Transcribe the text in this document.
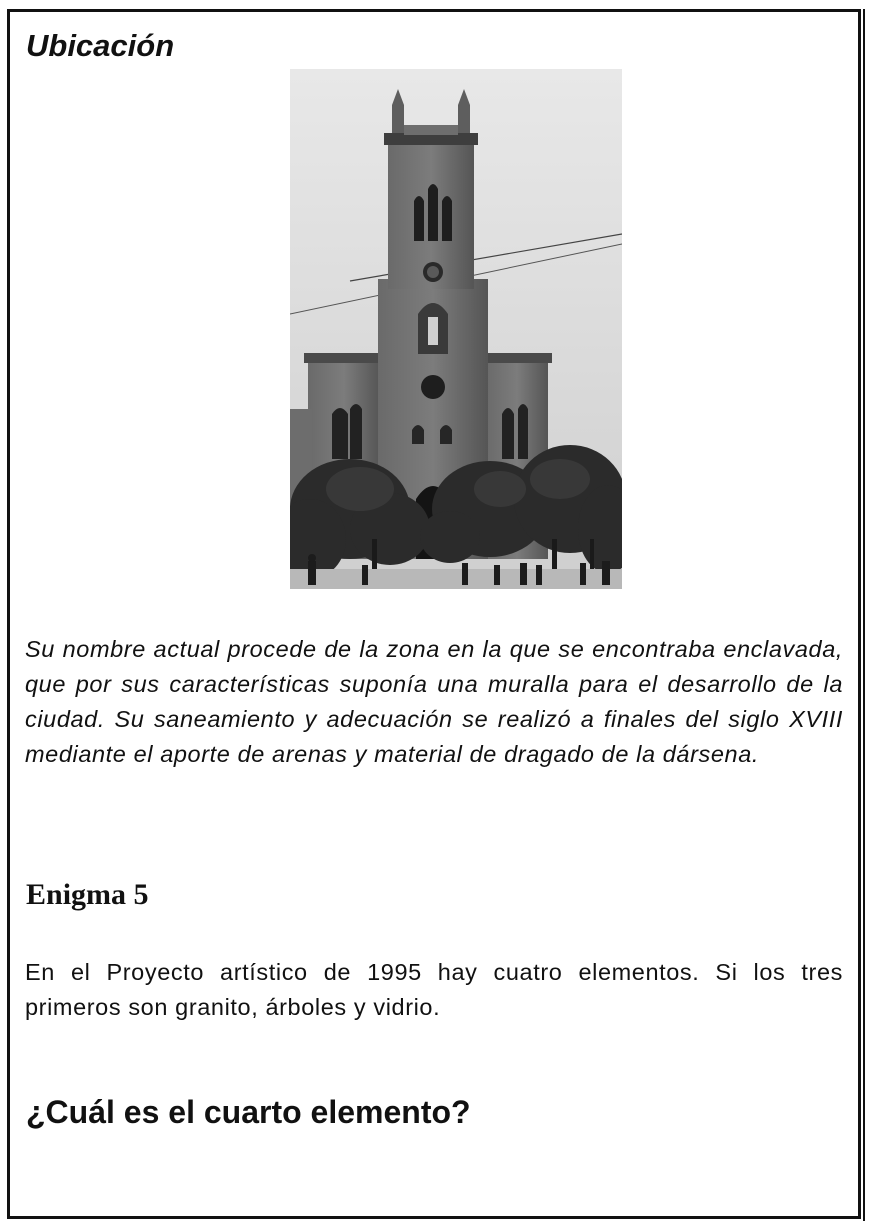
Ubicación

Su nombre actual procede de la zona en la que se encontraba enclavada, que por sus características suponía una muralla para el desarrollo de la ciudad. Su saneamiento y adecuación se realizó a finales del siglo XVIII mediante el aporte de arenas y material de dragado de la dársena.

Enigma 5

En el Proyecto artístico de 1995 hay cuatro elementos. Si los tres primeros son granito, árboles y vidrio.

¿Cuál es el cuarto elemento?
